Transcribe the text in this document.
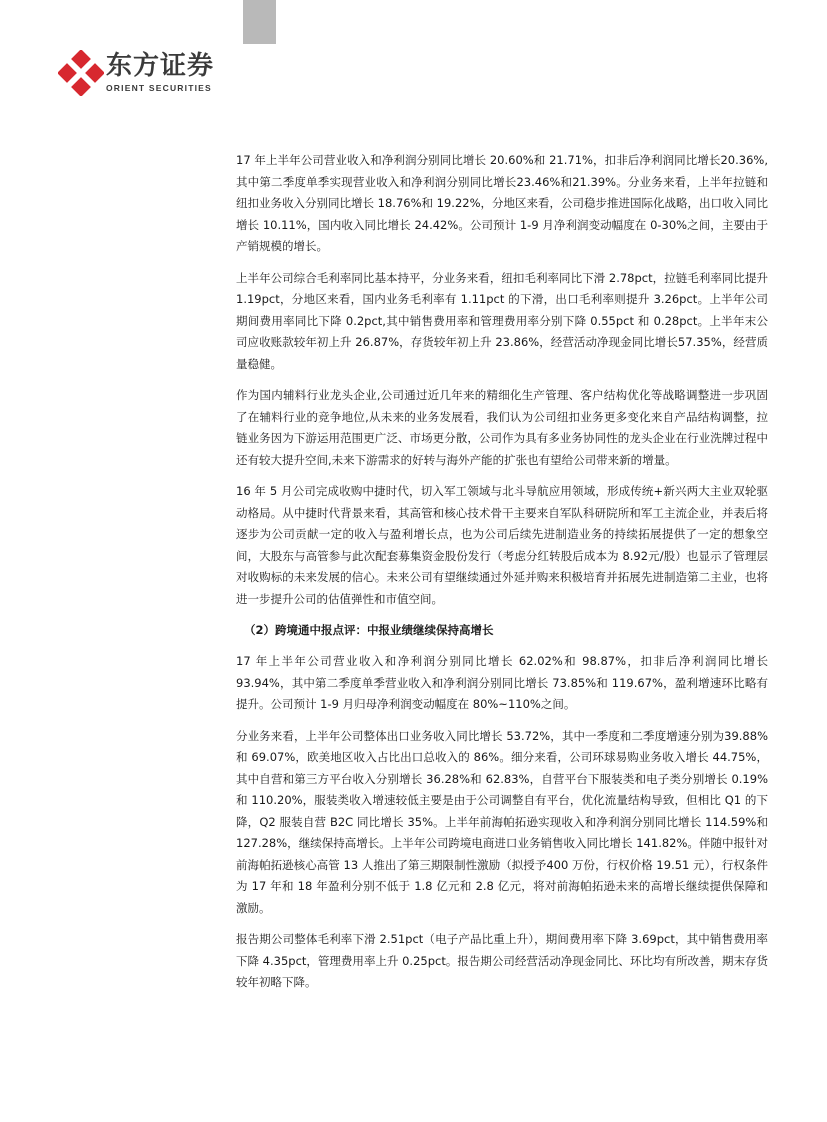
东方证券
ORIENT SECURITIES

17 年上半年公司营业收入和净利润分别同比增长 20.60%和 21.71%，扣非后净利润同比增长20.36%,其中第二季度单季实现营业收入和净利润分别同比增长23.46%和21.39%。分业务来看，上半年拉链和纽扣业务收入分别同比增长 18.76%和 19.22%，分地区来看，公司稳步推进国际化战略，出口收入同比增长 10.11%，国内收入同比增长 24.42%。公司预计 1-9 月净利润变动幅度在 0-30%之间，主要由于产销规模的增长。

上半年公司综合毛利率同比基本持平，分业务来看，纽扣毛利率同比下滑 2.78pct，拉链毛利率同比提升 1.19pct，分地区来看，国内业务毛利率有 1.11pct 的下滑，出口毛利率则提升 3.26pct。上半年公司期间费用率同比下降 0.2pct,其中销售费用率和管理费用率分别下降 0.55pct 和 0.28pct。上半年末公司应收账款较年初上升 26.87%，存货较年初上升 23.86%，经营活动净现金同比增长57.35%，经营质量稳健。

作为国内辅料行业龙头企业,公司通过近几年来的精细化生产管理、客户结构优化等战略调整进一步巩固了在辅料行业的竞争地位,从未来的业务发展看，我们认为公司纽扣业务更多变化来自产品结构调整，拉链业务因为下游运用范围更广泛、市场更分散，公司作为具有多业务协同性的龙头企业在行业洗牌过程中还有较大提升空间,未来下游需求的好转与海外产能的扩张也有望给公司带来新的增量。

16 年 5 月公司完成收购中捷时代，切入军工领域与北斗导航应用领域，形成传统+新兴两大主业双轮驱动格局。从中捷时代背景来看，其高管和核心技术骨干主要来自军队科研院所和军工主流企业，并表后将逐步为公司贡献一定的收入与盈利增长点，也为公司后续先进制造业务的持续拓展提供了一定的想象空间，大股东与高管参与此次配套募集资金股份发行（考虑分红转股后成本为 8.92元/股）也显示了管理层对收购标的未来发展的信心。未来公司有望继续通过外延并购来积极培育并拓展先进制造第二主业，也将进一步提升公司的估值弹性和市值空间。

（2）跨境通中报点评：中报业绩继续保持高增长

17 年上半年公司营业收入和净利润分别同比增长 62.02%和 98.87%，扣非后净利润同比增长93.94%，其中第二季度单季营业收入和净利润分别同比增长 73.85%和 119.67%，盈利增速环比略有提升。公司预计 1-9 月归母净利润变动幅度在 80%~110%之间。

分业务来看，上半年公司整体出口业务收入同比增长 53.72%，其中一季度和二季度增速分别为39.88%和 69.07%，欧美地区收入占比出口总收入的 86%。细分来看，公司环球易购业务收入增长 44.75%，其中自营和第三方平台收入分别增长 36.28%和 62.83%，自营平台下服装类和电子类分别增长 0.19%和 110.20%，服装类收入增速较低主要是由于公司调整自有平台，优化流量结构导致，但相比 Q1 的下降，Q2 服装自营 B2C 同比增长 35%。上半年前海帕拓逊实现收入和净利润分别同比增长 114.59%和 127.28%，继续保持高增长。上半年公司跨境电商进口业务销售收入同比增长 141.82%。伴随中报针对前海帕拓逊核心高管 13 人推出了第三期限制性激励（拟授予400 万份，行权价格 19.51 元），行权条件为 17 年和 18 年盈利分别不低于 1.8 亿元和 2.8 亿元，将对前海帕拓逊未来的高增长继续提供保障和激励。

报告期公司整体毛利率下滑 2.51pct（电子产品比重上升），期间费用率下降 3.69pct，其中销售费用率下降 4.35pct，管理费用率上升 0.25pct。报告期公司经营活动净现金同比、环比均有所改善，期末存货较年初略下降。
